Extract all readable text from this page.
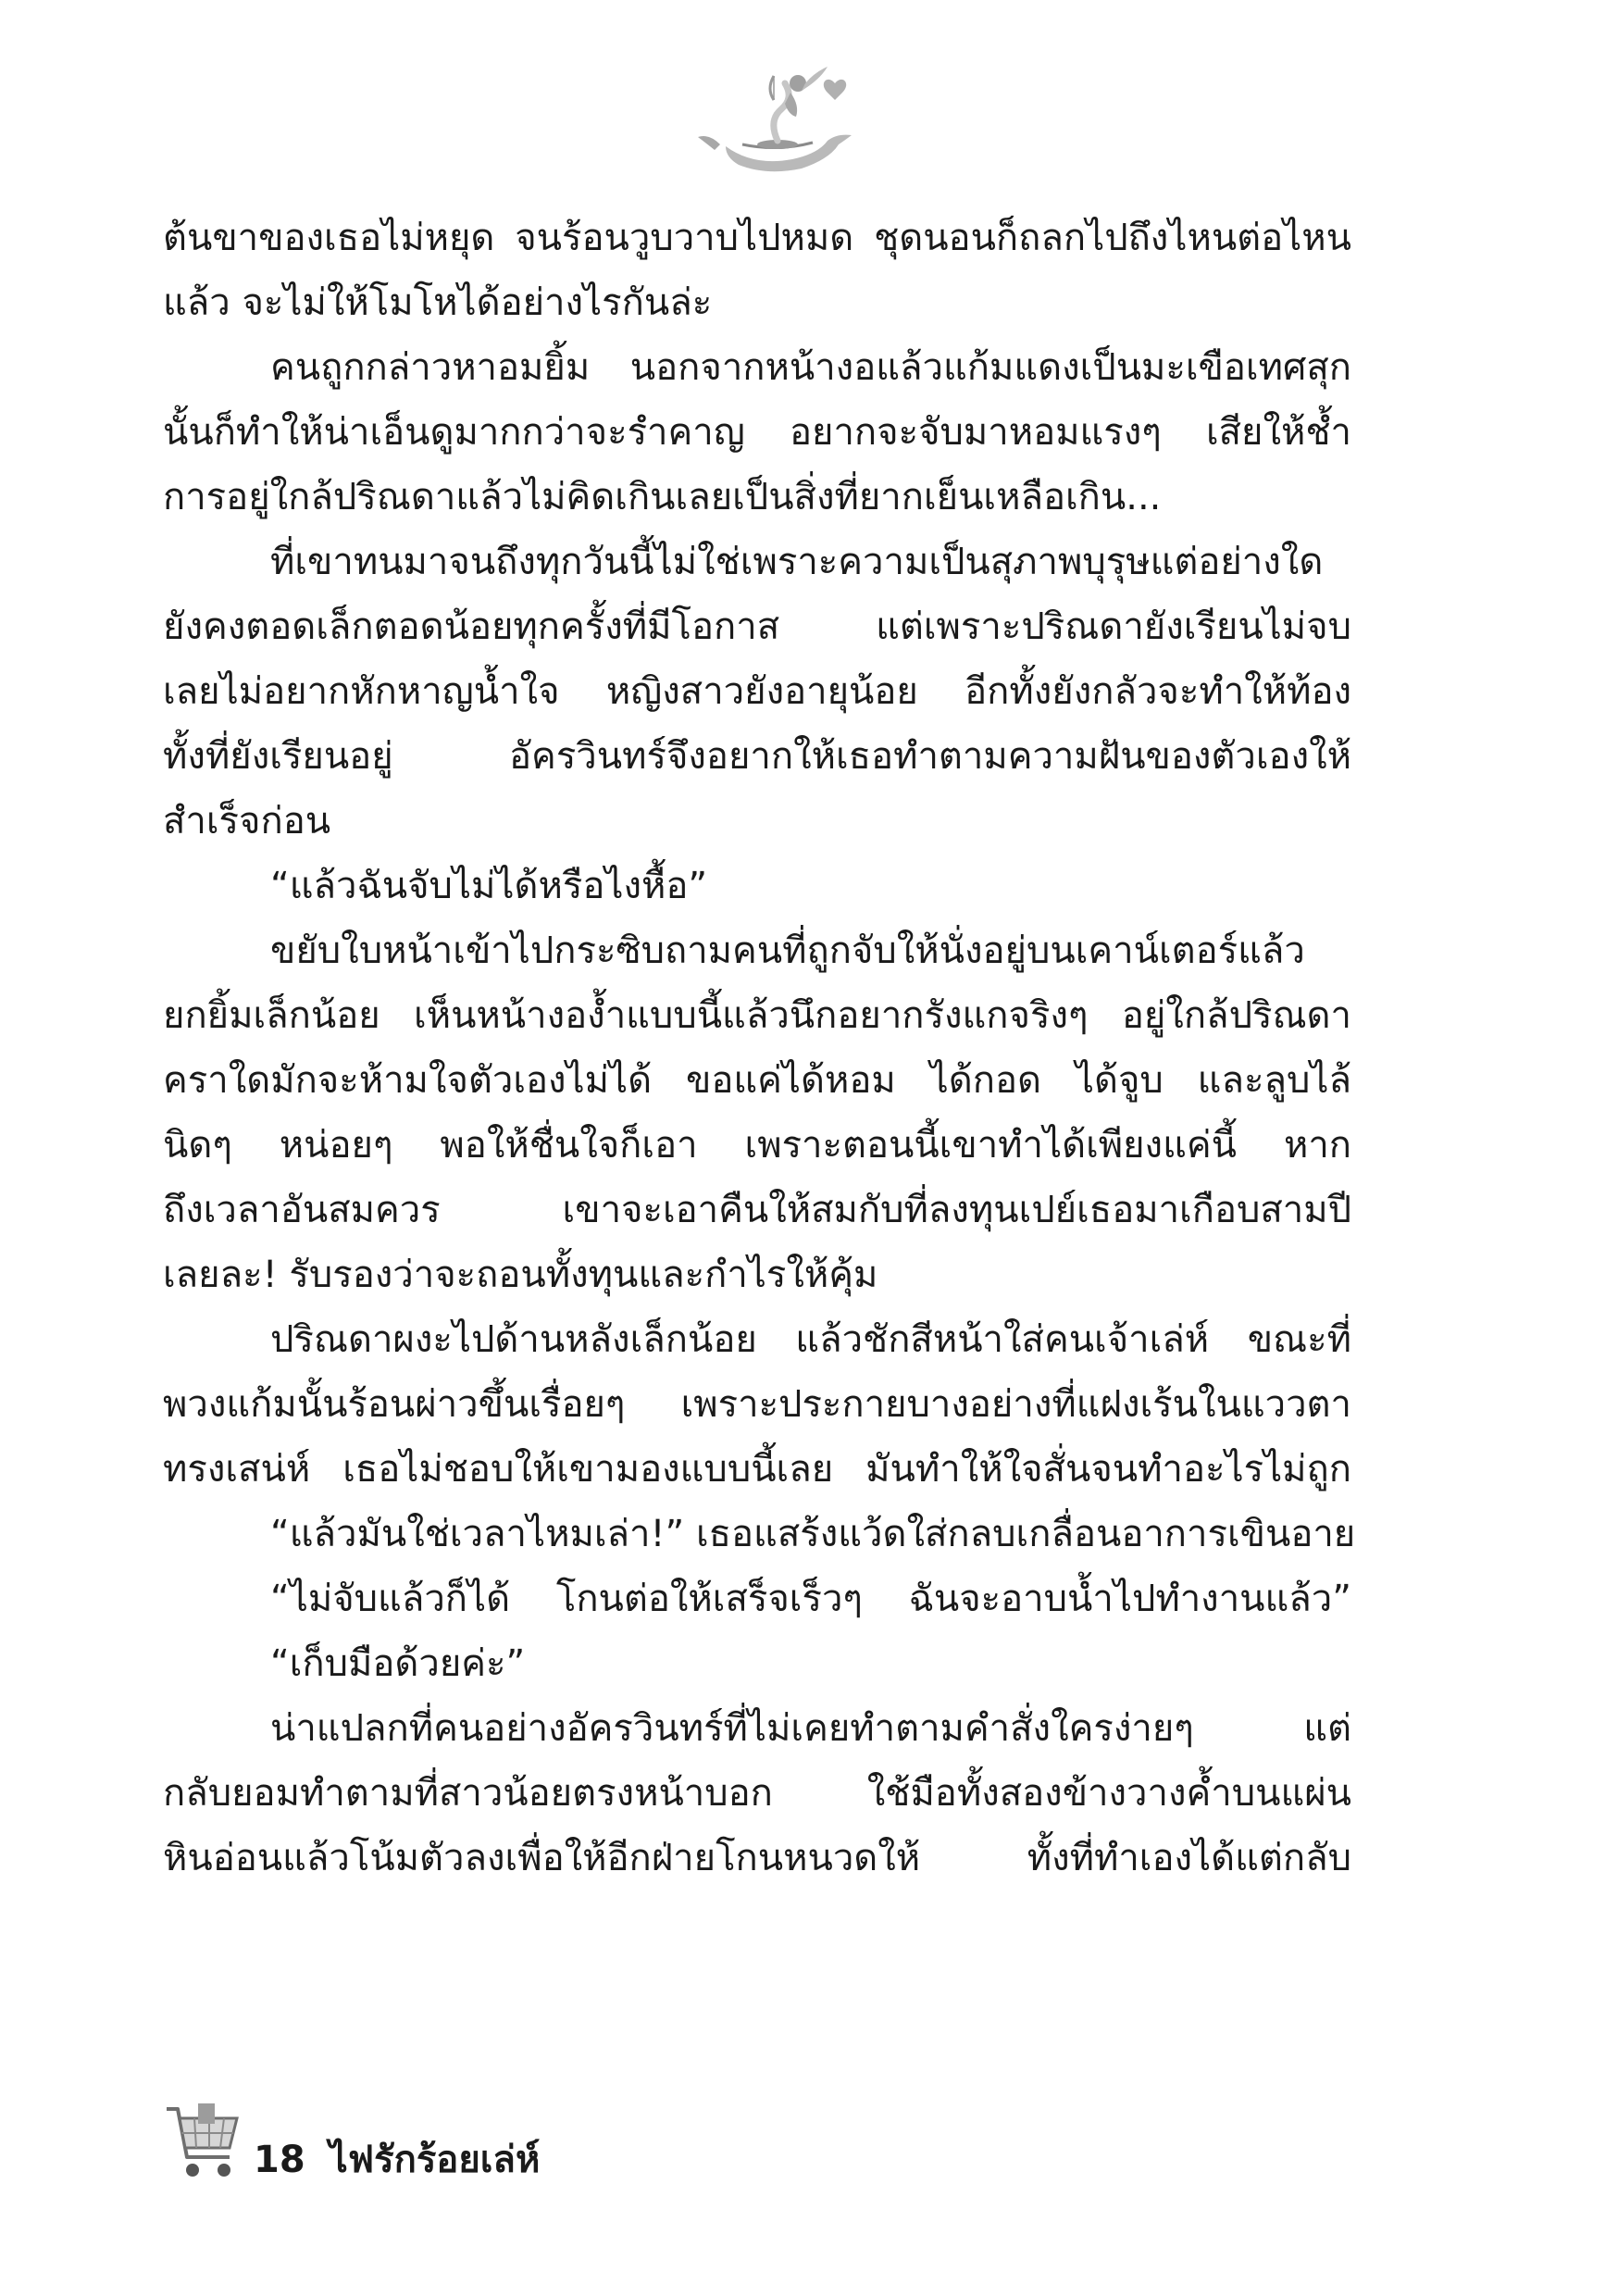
ต้นขาของเธอไม่หยุด จนร้อนวูบวาบไปหมด ชุดนอนก็ถลกไปถึงไหนต่อไหน
แล้ว จะไม่ให้โมโหได้อย่างไรกันล่ะ
คนถูกกล่าวหาอมยิ้ม นอกจากหน้างอแล้วแก้มแดงเป็นมะเขือเทศสุก
นั้นก็ทำให้น่าเอ็นดูมากกว่าจะรำคาญ อยากจะจับมาหอมแรงๆ เสียให้ช้ำ
การอยู่ใกล้ปริณดาแล้วไม่คิดเกินเลยเป็นสิ่งที่ยากเย็นเหลือเกิน...
ที่เขาทนมาจนถึงทุกวันนี้ไม่ใช่เพราะความเป็นสุภาพบุรุษแต่อย่างใด
ยังคงตอดเล็กตอดน้อยทุกครั้งที่มีโอกาส แต่เพราะปริณดายังเรียนไม่จบ
เลยไม่อยากหักหาญน้ำใจ หญิงสาวยังอายุน้อย อีกทั้งยังกลัวจะทำให้ท้อง
ทั้งที่ยังเรียนอยู่ อัครวินทร์จึงอยากให้เธอทำตามความฝันของตัวเองให้
สำเร็จก่อน
“แล้วฉันจับไม่ได้หรือไงหื้อ”
ขยับใบหน้าเข้าไปกระซิบถามคนที่ถูกจับให้นั่งอยู่บนเคาน์เตอร์แล้ว
ยกยิ้มเล็กน้อย เห็นหน้างอง้ำแบบนี้แล้วนึกอยากรังแกจริงๆ อยู่ใกล้ปริณดา
คราใดมักจะห้ามใจตัวเองไม่ได้ ขอแค่ได้หอม ได้กอด ได้จูบ และลูบไล้
นิดๆ หน่อยๆ พอให้ชื่นใจก็เอา เพราะตอนนี้เขาทำได้เพียงแค่นี้ หาก
ถึงเวลาอันสมควร เขาจะเอาคืนให้สมกับที่ลงทุนเปย์เธอมาเกือบสามปี
เลยละ! รับรองว่าจะถอนทั้งทุนและกำไรให้คุ้ม
ปริณดาผงะไปด้านหลังเล็กน้อย แล้วชักสีหน้าใส่คนเจ้าเล่ห์ ขณะที่
พวงแก้มนั้นร้อนผ่าวขึ้นเรื่อยๆ เพราะประกายบางอย่างที่แฝงเร้นในแววตา
ทรงเสน่ห์ เธอไม่ชอบให้เขามองแบบนี้เลย มันทำให้ใจสั่นจนทำอะไรไม่ถูก
“แล้วมันใช่เวลาไหมเล่า!” เธอแสร้งแว้ดใส่กลบเกลื่อนอาการเขินอาย
“ไม่จับแล้วก็ได้ โกนต่อให้เสร็จเร็วๆ ฉันจะอาบน้ำไปทำงานแล้ว”
“เก็บมือด้วยค่ะ”
น่าแปลกที่คนอย่างอัครวินทร์ที่ไม่เคยทำตามคำสั่งใครง่ายๆ แต่
กลับยอมทำตามที่สาวน้อยตรงหน้าบอก ใช้มือทั้งสองข้างวางค้ำบนแผ่น
หินอ่อนแล้วโน้มตัวลงเพื่อให้อีกฝ่ายโกนหนวดให้ ทั้งที่ทำเองได้แต่กลับ
18 ไฟรักร้อยเล่ห์
